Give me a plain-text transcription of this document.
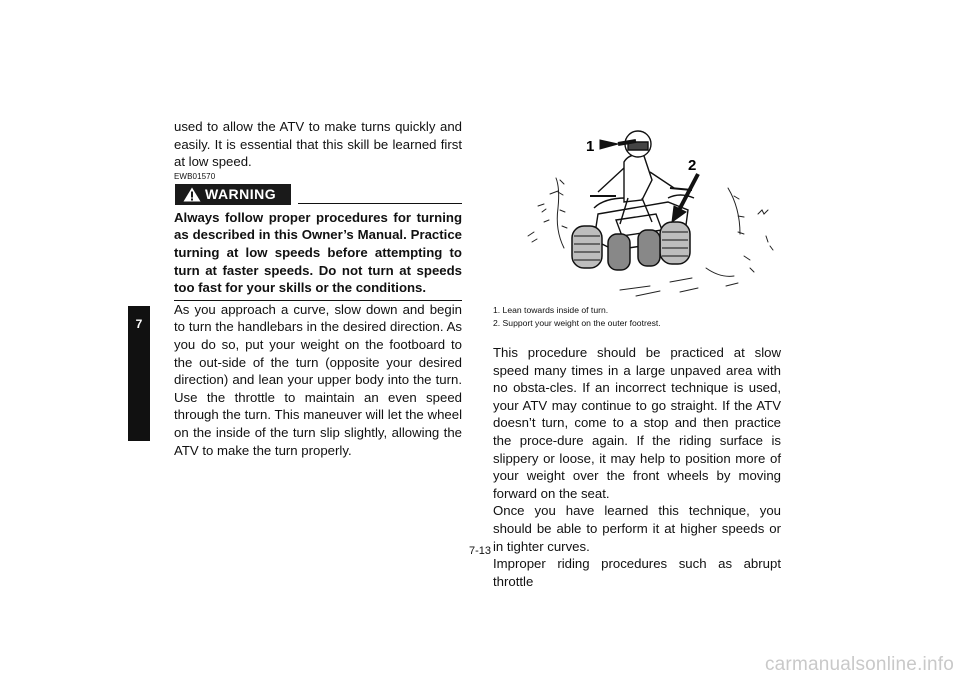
7

used to allow the ATV to make turns quickly and easily. It is essential that this skill be learned first at low speed.

EWB01570
WARNING

Always follow proper procedures for turning as described in this Owner’s Manual. Practice turning at low speeds before attempting to turn at faster speeds. Do not turn at speeds too fast for your skills or the conditions.

As you approach a curve, slow down and begin to turn the handlebars in the desired direction. As you do so, put your weight on the footboard to the out-side of the turn (opposite your desired direction) and lean your upper body into the turn. Use the throttle to maintain an even speed through the turn. This maneuver will let the wheel on the inside of the turn slip slightly, allowing the ATV to make the turn properly.

1
2
1. Lean towards inside of turn.
2. Support your weight on the outer footrest.

This procedure should be practiced at slow speed many times in a large unpaved area with no obsta-cles. If an incorrect technique is used, your ATV may continue to go straight. If the ATV doesn’t turn, come to a stop and then practice the proce-dure again. If the riding surface is slippery or loose, it may help to position more of your weight over the front wheels by moving forward on the seat.

Once you have learned this technique, you should be able to perform it at higher speeds or in tighter curves.

Improper riding procedures such as abrupt throttle

7-13
carmanualsonline.info
